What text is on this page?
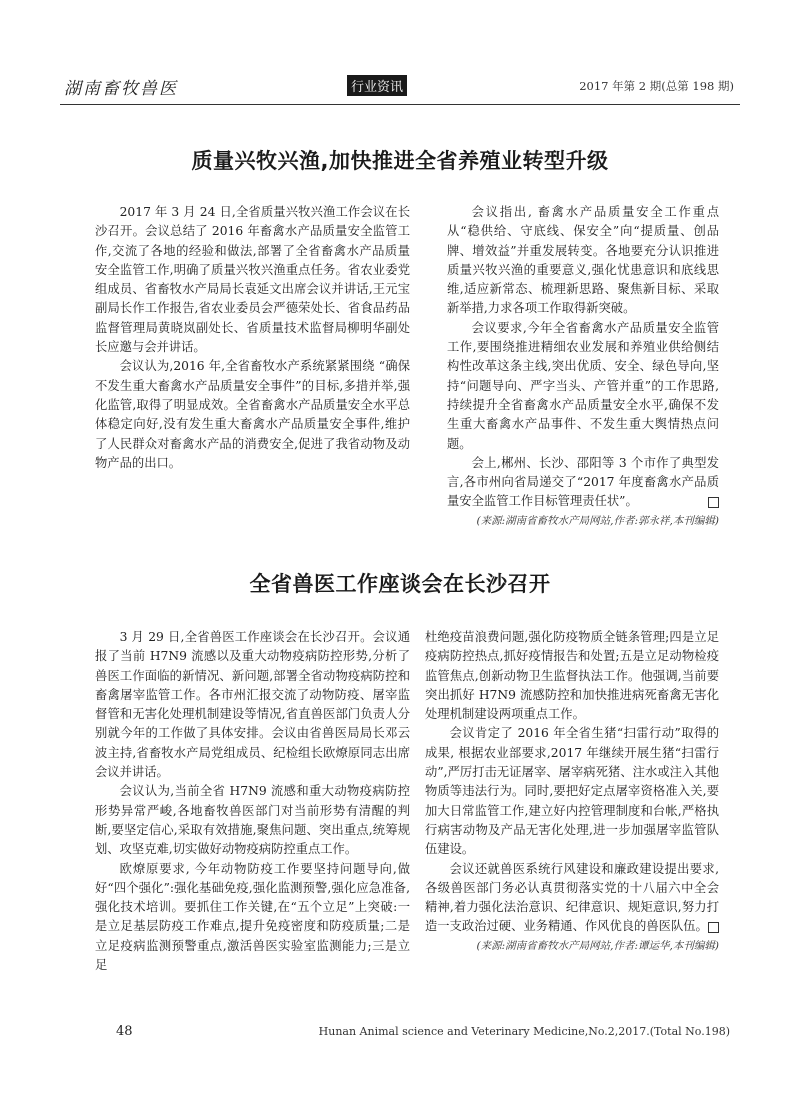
湖南畜牧兽医	行业资讯	2017 年第 2 期(总第 198 期)
质量兴牧兴渔,加快推进全省养殖业转型升级

2017 年 3 月 24 日,全省质量兴牧兴渔工作会议在长沙召开。会议总结了 2016 年畜禽水产品质量安全监管工作,交流了各地的经验和做法,部署了全省畜禽水产品质量安全监管工作,明确了质量兴牧兴渔重点任务。省农业委党组成员、省畜牧水产局局长袁延文出席会议并讲话,王元宝副局长作工作报告,省农业委员会严德荣处长、省食品药品监督管理局黄晓岚副处长、省质量技术监督局柳明华副处长应邀与会并讲话。

会议认为,2016 年,全省畜牧水产系统紧紧围绕 “确保不发生重大畜禽水产品质量安全事件”的目标,多措并举,强化监管,取得了明显成效。全省畜禽水产品质量安全水平总体稳定向好,没有发生重大畜禽水产品质量安全事件,维护了人民群众对畜禽水产品的消费安全,促进了我省动物及动物产品的出口。

会议指出, 畜禽水产品质量安全工作重点从“稳供给、守底线、保安全”向“提质量、创品牌、增效益”并重发展转变。各地要充分认识推进质量兴牧兴渔的重要意义,强化忧患意识和底线思维,适应新常态、梳理新思路、聚焦新目标、采取新举措,力求各项工作取得新突破。

会议要求,今年全省畜禽水产品质量安全监管工作,要围绕推进精细农业发展和养殖业供给侧结构性改革这条主线,突出优质、安全、绿色导向,坚持“问题导向、严字当头、产管并重”的工作思路,持续提升全省畜禽水产品质量安全水平,确保不发生重大畜禽水产品事件、不发生重大舆情热点问题。

会上,郴州、长沙、邵阳等 3 个市作了典型发言,各市州向省局递交了“2017 年度畜禽水产品质量安全监管工作目标管理责任状”。

(来源:湖南省畜牧水产局网站,作者:郭永祥,本刊编辑)

全省兽医工作座谈会在长沙召开

3 月 29 日,全省兽医工作座谈会在长沙召开。会议通报了当前 H7N9 流感以及重大动物疫病防控形势,分析了兽医工作面临的新情况、新问题,部署全省动物疫病防控和畜禽屠宰监管工作。各市州汇报交流了动物防疫、屠宰监督管和无害化处理机制建设等情况,省直兽医部门负责人分别就今年的工作做了具体安排。会议由省兽医局局长邓云波主持,省畜牧水产局党组成员、纪检组长欧燎原同志出席会议并讲话。

会议认为,当前全省 H7N9 流感和重大动物疫病防控形势异常严峻,各地畜牧兽医部门对当前形势有清醒的判断,要坚定信心,采取有效措施,聚焦问题、突出重点,统筹规划、攻坚克难,切实做好动物疫病防控重点工作。

欧燎原要求, 今年动物防疫工作要坚持问题导向,做好“四个强化”:强化基础免疫,强化监测预警,强化应急准备,强化技术培训。要抓住工作关键,在“五个立足”上突破:一是立足基层防疫工作难点,提升免疫密度和防疫质量;二是立足疫病监测预警重点,激活兽医实验室监测能力;三是立足

杜绝疫苗浪费问题,强化防疫物质全链条管理;四是立足疫病防控热点,抓好疫情报告和处置;五是立足动物检疫监管焦点,创新动物卫生监督执法工作。他强调,当前要突出抓好 H7N9 流感防控和加快推进病死畜禽无害化处理机制建设两项重点工作。

会议肯定了 2016 年全省生猪“扫雷行动”取得的成果, 根据农业部要求,2017 年继续开展生猪“扫雷行动”,严厉打击无证屠宰、屠宰病死猪、注水或注入其他物质等违法行为。同时,要把好定点屠宰资格准入关,要加大日常监管工作,建立好内控管理制度和台帐,严格执行病害动物及产品无害化处理,进一步加强屠宰监管队伍建设。

会议还就兽医系统行风建设和廉政建设提出要求,各级兽医部门务必认真贯彻落实党的十八届六中全会精神,着力强化法治意识、纪律意识、规矩意识,努力打造一支政治过硬、业务精通、作风优良的兽医队伍。

(来源:湖南省畜牧水产局网站,作者:谭运华,本刊编辑)

48	Hunan Animal science and Veterinary Medicine,No.2,2017.(Total No.198)
